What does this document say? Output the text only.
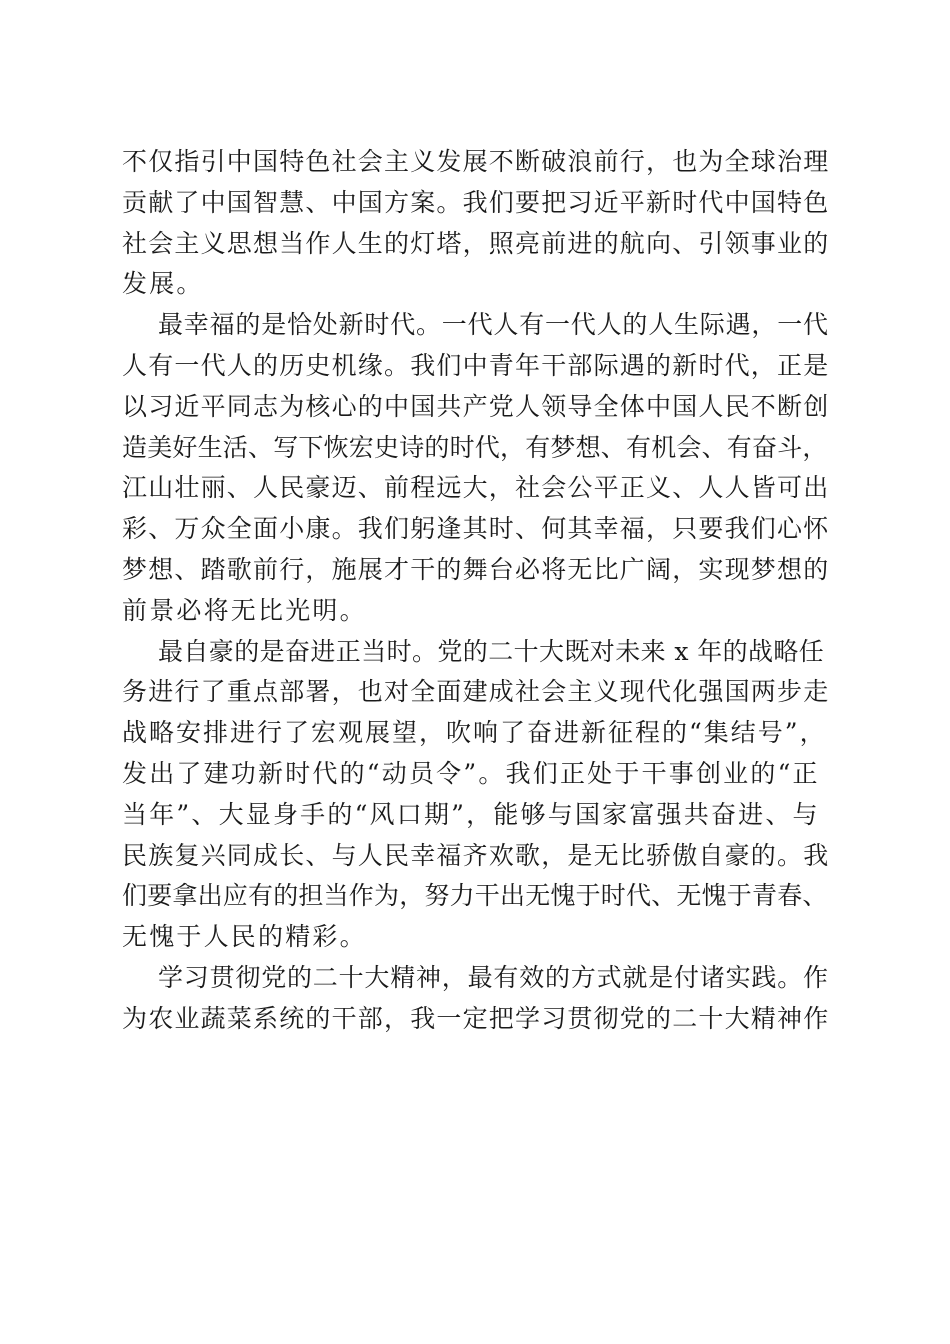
不仅指引中国特色社会主义发展不断破浪前行，也为全球治理
贡献了中国智慧、中国方案。我们要把习近平新时代中国特色
社会主义思想当作人生的灯塔，照亮前进的航向、引领事业的
发展。
最幸福的是恰处新时代。一代人有一代人的人生际遇，一代
人有一代人的历史机缘。我们中青年干部际遇的新时代，正是
以习近平同志为核心的中国共产党人领导全体中国人民不断创
造美好生活、写下恢宏史诗的时代，有梦想、有机会、有奋斗，
江山壮丽、人民豪迈、前程远大，社会公平正义、人人皆可出
彩、万众全面小康。我们躬逢其时、何其幸福，只要我们心怀
梦想、踏歌前行，施展才干的舞台必将无比广阔，实现梦想的
前景必将无比光明。
最自豪的是奋进正当时。党的二十大既对未来 x 年的战略任
务进行了重点部署，也对全面建成社会主义现代化强国两步走
战略安排进行了宏观展望，吹响了奋进新征程的“集结号”，
发出了建功新时代的“动员令”。我们正处于干事创业的“正
当年”、大显身手的“风口期”，能够与国家富强共奋进、与
民族复兴同成长、与人民幸福齐欢歌，是无比骄傲自豪的。我
们要拿出应有的担当作为，努力干出无愧于时代、无愧于青春、
无愧于人民的精彩。
学习贯彻党的二十大精神，最有效的方式就是付诸实践。作
为农业蔬菜系统的干部，我一定把学习贯彻党的二十大精神作
